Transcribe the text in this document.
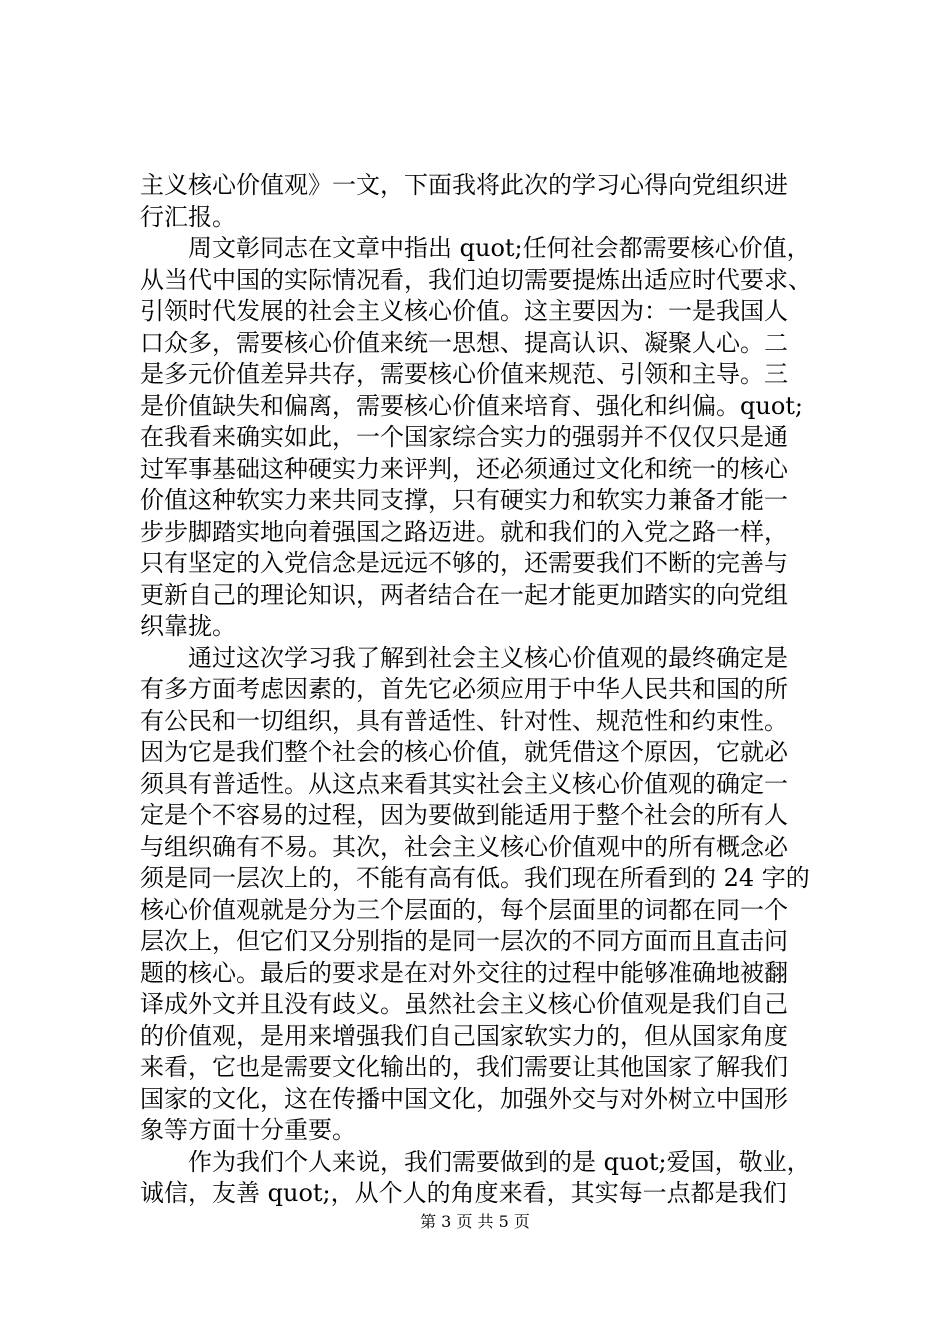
主义核心价值观》一文，下面我将此次的学习心得向党组织进
行汇报。
　　周文彰同志在文章中指出 quot;任何社会都需要核心价值，
从当代中国的实际情况看，我们迫切需要提炼出适应时代要求、
引领时代发展的社会主义核心价值。这主要因为：一是我国人
口众多，需要核心价值来统一思想、提高认识、凝聚人心。二
是多元价值差异共存，需要核心价值来规范、引领和主导。三
是价值缺失和偏离，需要核心价值来培育、强化和纠偏。quot;
在我看来确实如此，一个国家综合实力的强弱并不仅仅只是通
过军事基础这种硬实力来评判，还必须通过文化和统一的核心
价值这种软实力来共同支撑，只有硬实力和软实力兼备才能一
步步脚踏实地向着强国之路迈进。就和我们的入党之路一样，
只有坚定的入党信念是远远不够的，还需要我们不断的完善与
更新自己的理论知识，两者结合在一起才能更加踏实的向党组
织靠拢。
　　通过这次学习我了解到社会主义核心价值观的最终确定是
有多方面考虑因素的，首先它必须应用于中华人民共和国的所
有公民和一切组织，具有普适性、针对性、规范性和约束性。
因为它是我们整个社会的核心价值，就凭借这个原因，它就必
须具有普适性。从这点来看其实社会主义核心价值观的确定一
定是个不容易的过程，因为要做到能适用于整个社会的所有人
与组织确有不易。其次，社会主义核心价值观中的所有概念必
须是同一层次上的，不能有高有低。我们现在所看到的 24 字的
核心价值观就是分为三个层面的，每个层面里的词都在同一个
层次上，但它们又分别指的是同一层次的不同方面而且直击问
题的核心。最后的要求是在对外交往的过程中能够准确地被翻
译成外文并且没有歧义。虽然社会主义核心价值观是我们自己
的价值观，是用来增强我们自己国家软实力的，但从国家角度
来看，它也是需要文化输出的，我们需要让其他国家了解我们
国家的文化，这在传播中国文化，加强外交与对外树立中国形
象等方面十分重要。
　　作为我们个人来说，我们需要做到的是 quot;爱国，敬业，
诚信，友善 quot;，从个人的角度来看，其实每一点都是我们
第 3 页 共 5 页
